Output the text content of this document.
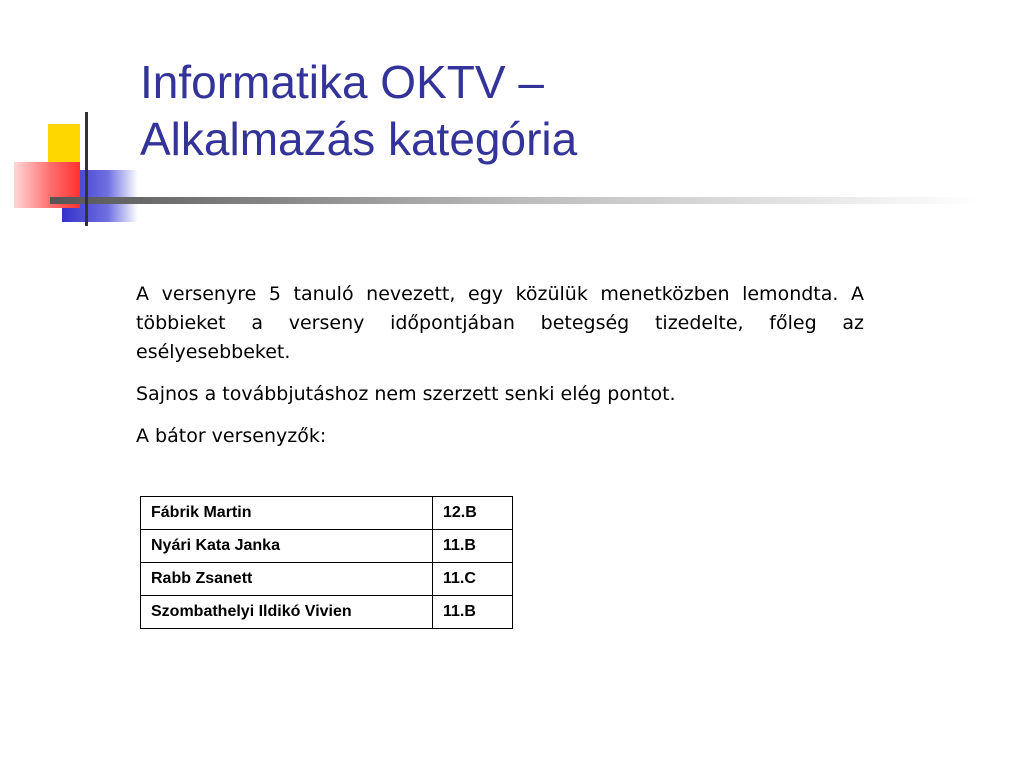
Informatika OKTV –
Alkalmazás kategória

A versenyre 5 tanuló nevezett, egy közülük menetközben lemondta. A többieket a verseny időpontjában betegség tizedelte, főleg az esélyesebbeket.

Sajnos a továbbjutáshoz nem szerzett senki elég pontot.

A bátor versenyzők:

Fábrik Martin	12.B
Nyári Kata Janka	11.B
Rabb Zsanett	11.C
Szombathelyi Ildikó Vivien	11.B
